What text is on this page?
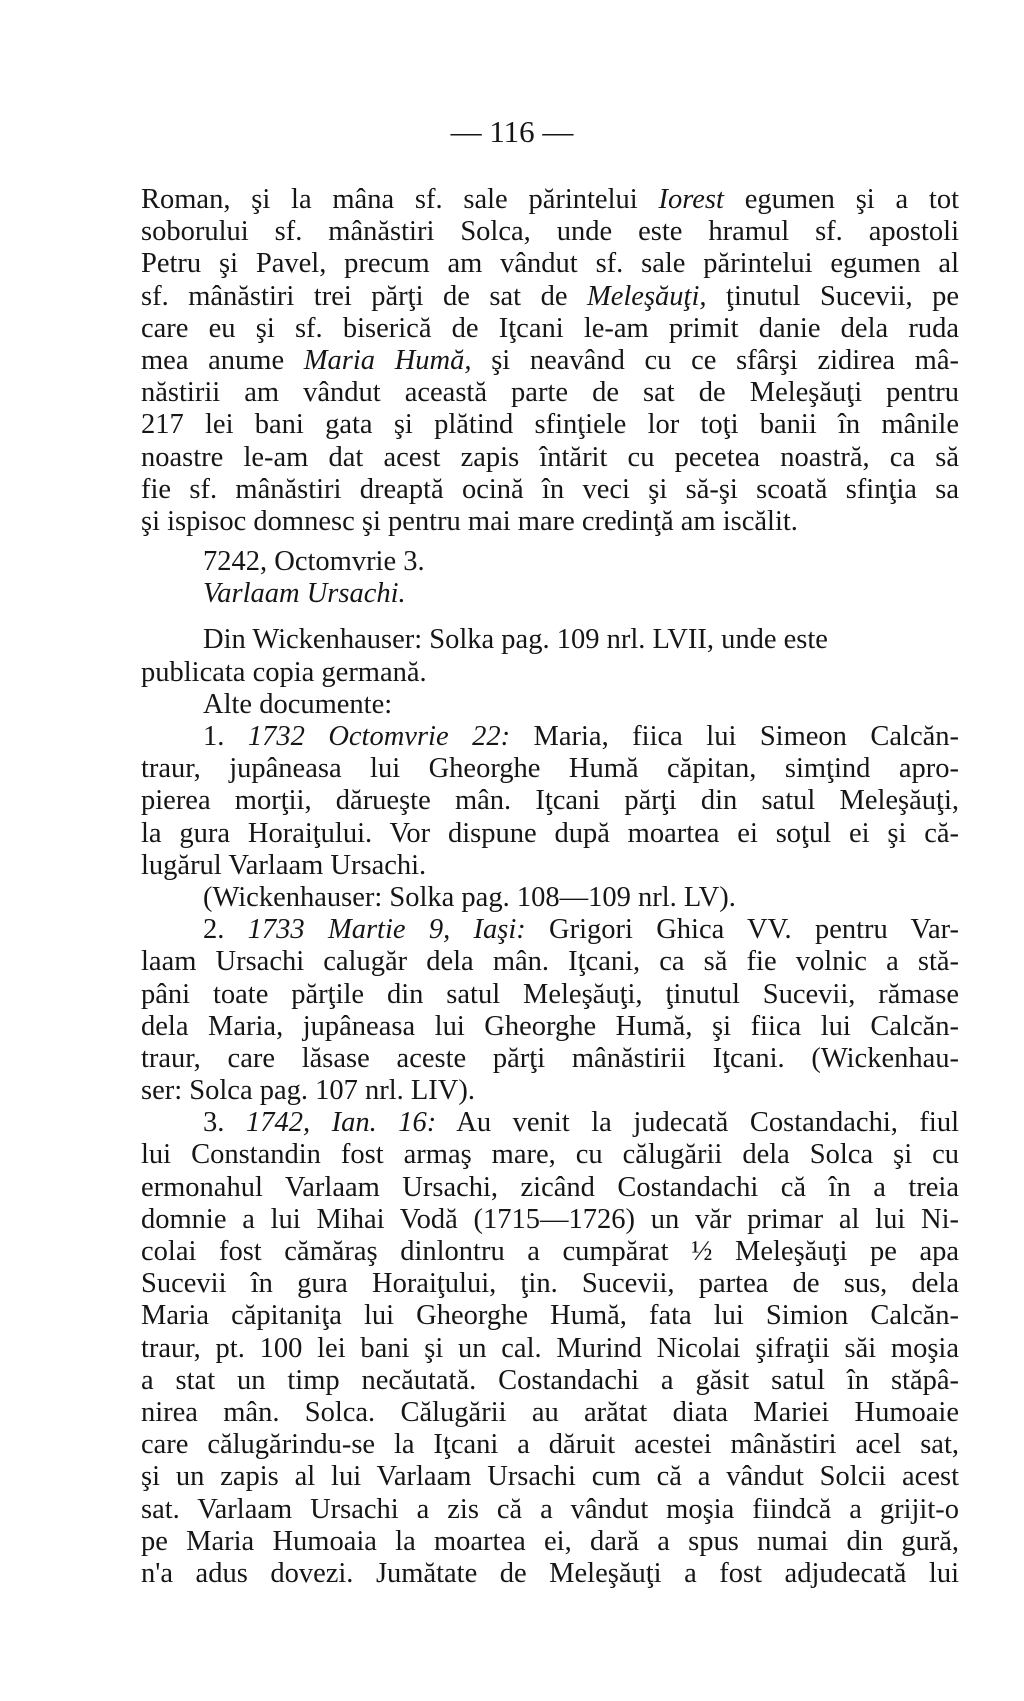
— 116 —
Roman, şi la mâna sf. sale părintelui Iorest egumen şi a tot
soborului sf. mânăstiri Solca, unde este hramul sf. apostoli
Petru şi Pavel, precum am vândut sf. sale părintelui egumen al
sf. mânăstiri trei părţi de sat de Meleşăuţi, ţinutul Sucevii, pe
care eu şi sf. biserică de Iţcani le-am primit danie dela ruda
mea anume Maria Humă, şi neavând cu ce sfârşi zidirea mâ-
năstirii am vândut această parte de sat de Meleşăuţi pentru
217 lei bani gata şi plătind sfinţiele lor toţi banii în mânile
noastre le-am dat acest zapis întărit cu pecetea noastră, ca să
fie sf. mânăstiri dreaptă ocină în veci şi să-şi scoată sfinţia sa
şi ispisoc domnesc şi pentru mai mare credinţă am iscălit.
7242, Octomvrie 3.
Varlaam Ursachi.
Din Wickenhauser: Solka pag. 109 nrl. LVII, unde este
publicata copia germană.
Alte documente:
1. 1732 Octomvrie 22: Maria, fiica lui Simeon Calcăn-
traur, jupâneasa lui Gheorghe Humă căpitan, simţind apro-
pierea morţii, dărueşte mân. Iţcani părţi din satul Meleşăuţi,
la gura Horaiţului. Vor dispune după moartea ei soţul ei şi că-
lugărul Varlaam Ursachi.
(Wickenhauser: Solka pag. 108—109 nrl. LV).
2. 1733 Martie 9, Iaşi: Grigori Ghica VV. pentru Var-
laam Ursachi calugăr dela mân. Iţcani, ca să fie volnic a stă-
pâni toate părţile din satul Meleşăuţi, ţinutul Sucevii, rămase
dela Maria, jupâneasa lui Gheorghe Humă, şi fiica lui Calcăn-
traur, care lăsase aceste părţi mânăstirii Iţcani. (Wickenhau-
ser: Solca pag. 107 nrl. LIV).
3. 1742, Ian. 16: Au venit la judecată Costandachi, fiul
lui Constandin fost armaş mare, cu călugării dela Solca şi cu
ermonahul Varlaam Ursachi, zicând Costandachi că în a treia
domnie a lui Mihai Vodă (1715—1726) un văr primar al lui Ni-
colai fost cămăraş dinlontru a cumpărat ½ Meleşăuţi pe apa
Sucevii în gura Horaiţului, ţin. Sucevii, partea de sus, dela
Maria căpitaniţa lui Gheorghe Humă, fata lui Simion Calcăn-
traur, pt. 100 lei bani şi un cal. Murind Nicolai şifraţii săi moşia
a stat un timp necăutată. Costandachi a găsit satul în stăpâ-
nirea mân. Solca. Călugării au arătat diata Mariei Humoaie
care călugărindu-se la Iţcani a dăruit acestei mânăstiri acel sat,
şi un zapis al lui Varlaam Ursachi cum că a vândut Solcii acest
sat. Varlaam Ursachi a zis că a vândut moşia fiindcă a grijit-o
pe Maria Humoaia la moartea ei, dară a spus numai din gură,
n'a adus dovezi. Jumătate de Meleşăuţi a fost adjudecată lui
